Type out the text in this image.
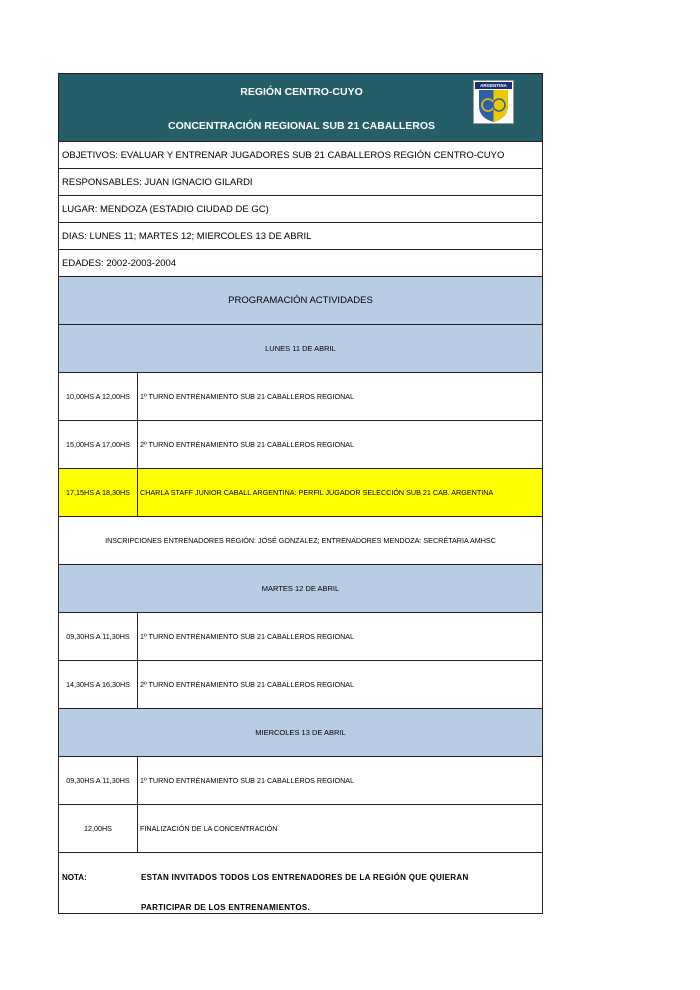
REGIÓN CENTRO-CUYO
CONCENTRACIÓN REGIONAL SUB 21 CABALLEROS
ARGENTINA
OBJETIVOS: EVALUAR Y ENTRENAR JUGADORES SUB 21 CABALLEROS REGIÓN CENTRO-CUYO
RESPONSABLES: JUAN IGNACIO GILARDI
LUGAR: MENDOZA (ESTADIO CIUDAD DE GC)
DIAS: LUNES 11; MARTES 12; MIERCOLES 13 DE ABRIL
EDADES: 2002-2003-2004
PROGRAMACIÓN ACTIVIDADES
LUNES 11 DE ABRIL
10,00HS A 12,00HS	1º TURNO ENTRENAMIENTO SUB 21 CABALLEROS REGIONAL
15,00HS A 17,00HS	2º TURNO ENTRENAMIENTO SUB 21 CABALLEROS REGIONAL
17,15HS A 18,30HS	CHARLA STAFF JUNIOR CABALL ARGENTINA: PERFIL JUGADOR SELECCIÓN SUB 21 CAB. ARGENTINA
INSCRIPCIONES ENTRENADORES REGIÓN: JOSÉ GONZALEZ; ENTRENADORES MENDOZA: SECRETARIA AMHSC
MARTES 12 DE ABRIL
09,30HS A 11,30HS	1º TURNO ENTRENAMIENTO SUB 21 CABALLEROS REGIONAL
14,30HS A 16,30HS	2º TURNO ENTRENAMIENTO SUB 21 CABALLEROS REGIONAL
MIERCOLES 13 DE ABRIL
09,30HS A 11,30HS	1º TURNO ENTRENAMIENTO SUB 21 CABALLEROS REGIONAL
12,00HS	FINALIZACIÓN DE LA CONCENTRACIÓN
NOTA:	ESTAN INVITADOS TODOS LOS ENTRENADORES DE LA REGIÓN QUE QUIERAN
PARTICIPAR DE LOS ENTRENAMIENTOS.
